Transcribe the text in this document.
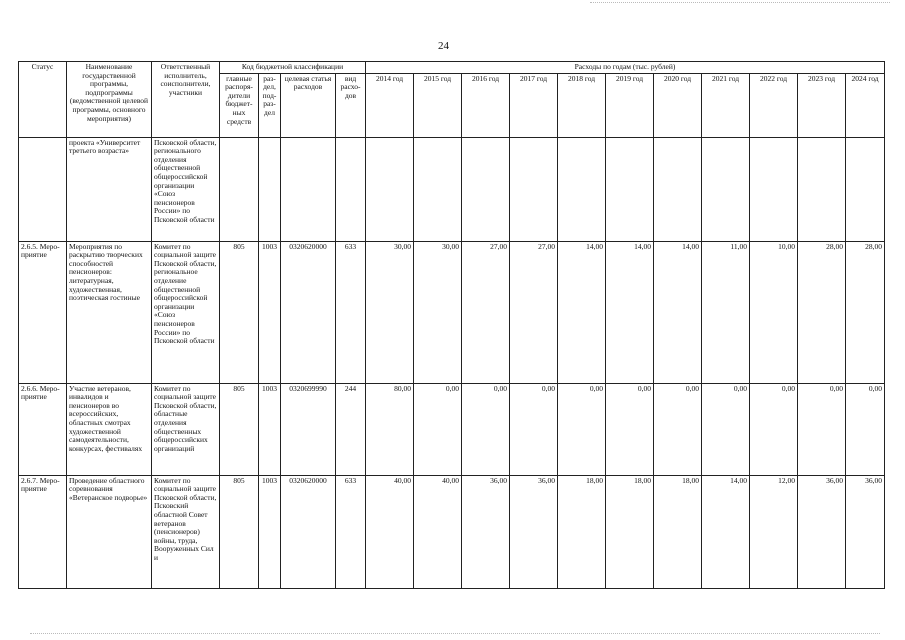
24
Статус	Наименование государственной программы, подпрограммы (ведомственной целевой программы, основного мероприятия)	Ответственный исполнитель, соисполнители, участники	Код бюджетной классификации				Расходы по годам (тыс. рублей)										
			главные распоря-дители бюджет-ных средств	раз-дел, под-раз-дел	целевая статья расходов	вид расхо-дов	2014 год	2015 год	2016 год	2017 год	2018 год	2019 год	2020 год	2021 год	2022 год	2023 год	2024 год
	проекта «Университет третьего возраста»	Псковской области, регионального отделения общественной общероссийской организации «Союз пенсионеров России» по Псковской области															
2.6.5. Меро-приятие	Мероприятия по раскрытию творческих способностей пенсионеров: литературная, художественная, поэтическая гостиные	Комитет по социальной защите Псковской области, региональное отделение общественной общероссийской организации «Союз пенсионеров России» по Псковской области	805	1003	0320620000	633	30,00	30,00	27,00	27,00	14,00	14,00	14,00	11,00	10,00	28,00	28,00
2.6.6. Меро-приятие	Участие ветеранов, инвалидов и пенсионеров во всероссийских, областных смотрах художественной самодеятельности, конкурсах, фестивалях	Комитет по социальной защите Псковской области, областные отделения общественных общероссийских организаций	805	1003	0320699990	244	80,00	0,00	0,00	0,00	0,00	0,00	0,00	0,00	0,00	0,00	0,00
2.6.7. Меро-приятие	Проведение областного соревнования «Ветеранское подворье»	Комитет по социальной защите Псковской области, Псковский областной Совет ветеранов (пенсионеров) войны, труда, Вооруженных Сил и	805	1003	0320620000	633	40,00	40,00	36,00	36,00	18,00	18,00	18,00	14,00	12,00	36,00	36,00
